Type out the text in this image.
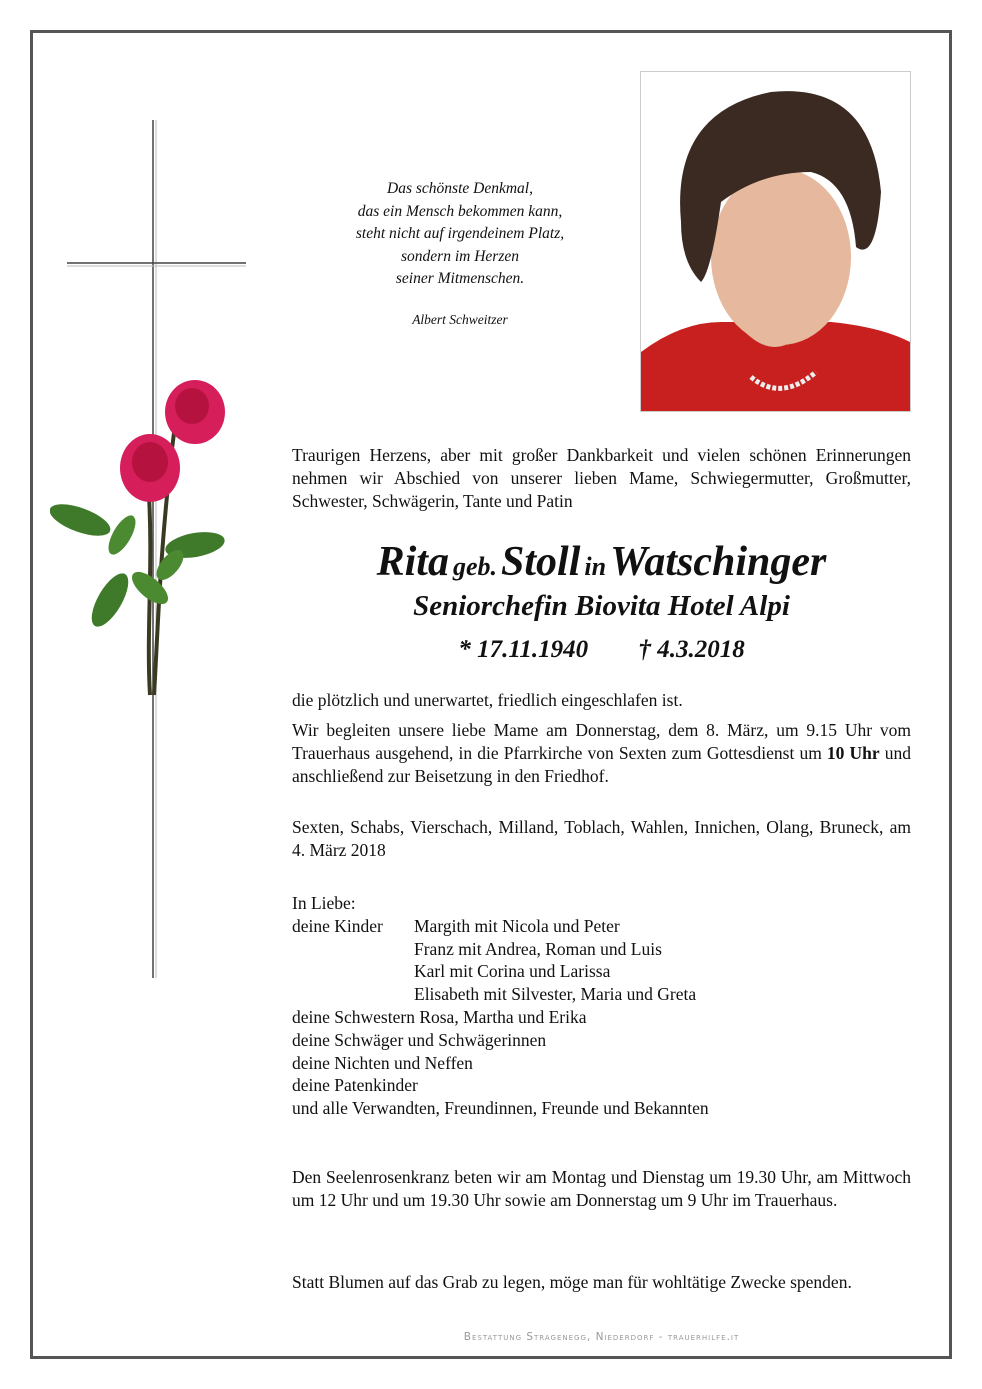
Das schönste Denkmal,
das ein Mensch bekommen kann,
steht nicht auf irgendeinem Platz,
sondern im Herzen
seiner Mitmenschen.
Albert Schweitzer
Traurigen Herzens, aber mit großer Dankbarkeit und vielen schönen Erinnerungen nehmen wir Abschied von unserer lieben Mame, Schwiegermutter, Großmutter, Schwester, Schwägerin, Tante und Patin
Rita geb. Stoll in Watschinger
Seniorchefin Biovita Hotel Alpi
* 17.11.1940 † 4.3.2018
die plötzlich und unerwartet, friedlich eingeschlafen ist.
Wir begleiten unsere liebe Mame am Donnerstag, dem 8. März, um 9.15 Uhr vom Trauerhaus ausgehend, in die Pfarrkirche von Sexten zum Gottesdienst um 10 Uhr und anschließend zur Beisetzung in den Friedhof.
Sexten, Schabs, Vierschach, Milland, Toblach, Wahlen, Innichen, Olang, Bruneck, am 4. März 2018
In Liebe:
deine Kinder Margith mit Nicola und Peter
Franz mit Andrea, Roman und Luis
Karl mit Corina und Larissa
Elisabeth mit Silvester, Maria und Greta
deine Schwestern Rosa, Martha und Erika
deine Schwäger und Schwägerinnen
deine Nichten und Neffen
deine Patenkinder
und alle Verwandten, Freundinnen, Freunde und Bekannten
Den Seelenrosenkranz beten wir am Montag und Dienstag um 19.30 Uhr, am Mittwoch um 12 Uhr und um 19.30 Uhr sowie am Donnerstag um 9 Uhr im Trauerhaus.
Statt Blumen auf das Grab zu legen, möge man für wohltätige Zwecke spenden.
Bestattung Stragenegg, Niederdorf - trauerhilfe.it
